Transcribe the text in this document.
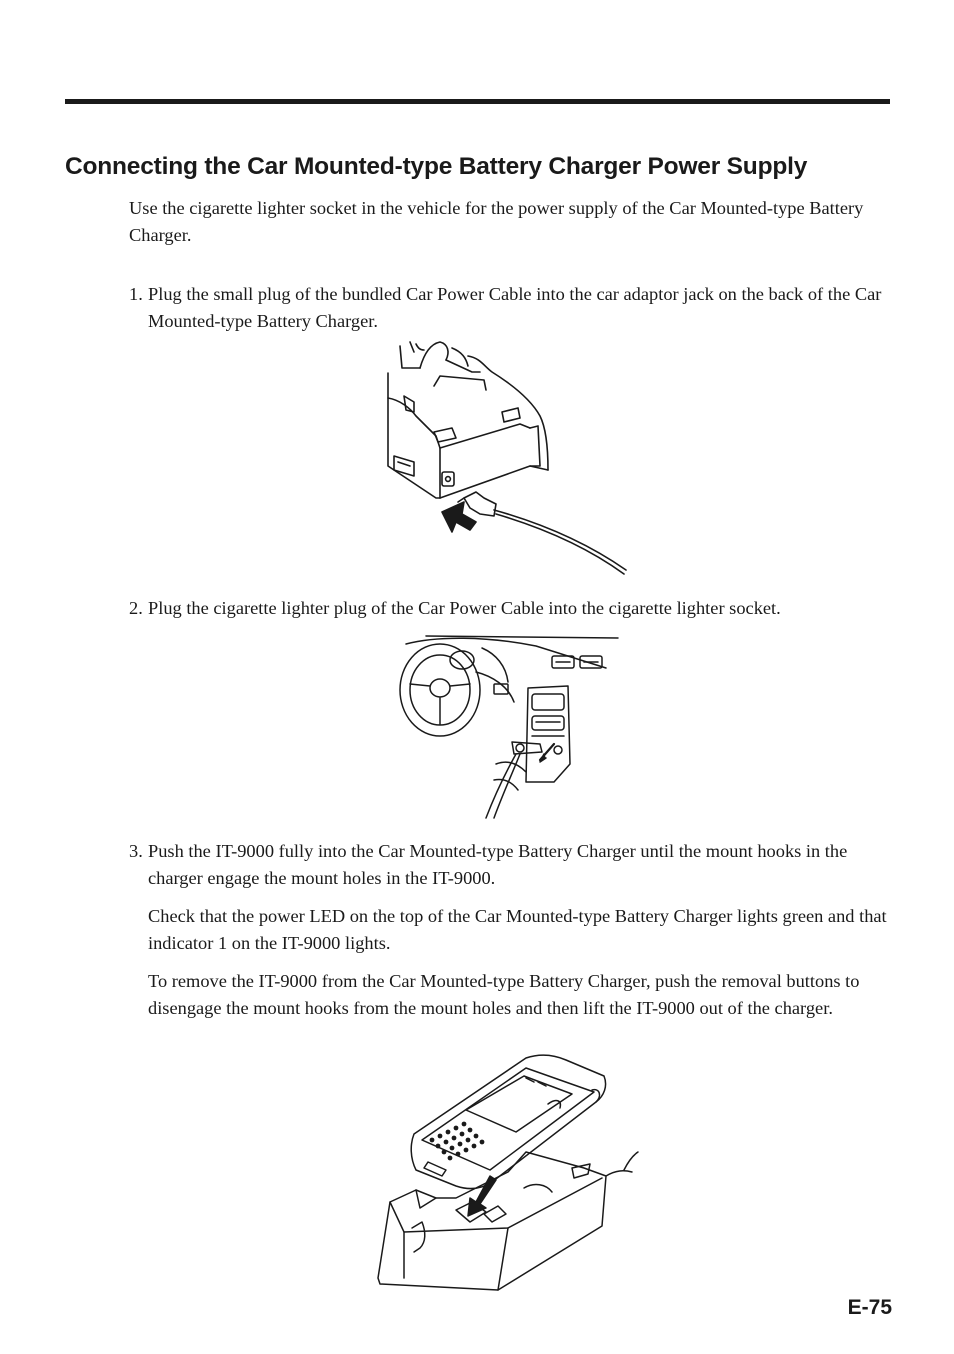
Connecting the Car Mounted-type Battery Charger Power Supply

Use the cigarette lighter socket in the vehicle for the power supply of the Car Mounted-type Battery Charger.

1. Plug the small plug of the bundled Car Power Cable into the car adaptor jack on the back of the Car Mounted-type Battery Charger.
2. Plug the cigarette lighter plug of the Car Power Cable into the cigarette lighter socket.
3. Push the IT-9000 fully into the Car Mounted-type Battery Charger until the mount hooks in the charger engage the mount holes in the IT-9000.

Check that the power LED on the top of the Car Mounted-type Battery Charger lights green and that indicator 1 on the IT-9000 lights.

To remove the IT-9000 from the Car Mounted-type Battery Charger, push the removal buttons to disengage the mount hooks from the mount holes and then lift the IT-9000 out of the charger.

E-75
